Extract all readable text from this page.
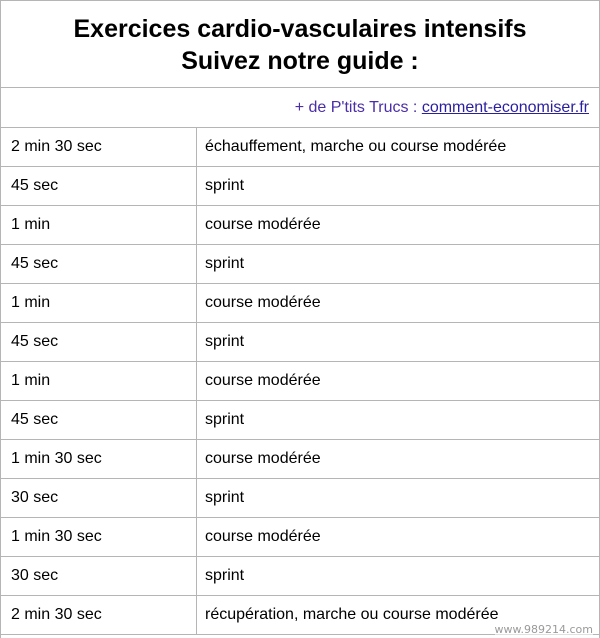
Exercices cardio-vasculaires intensifs
Suivez notre guide :
+ de P'tits Trucs : comment-economiser.fr
2 min 30 sec	échauffement, marche ou course modérée
45 sec	sprint
1 min	course modérée
45 sec	sprint
1 min	course modérée
45 sec	sprint
1 min	course modérée
45 sec	sprint
1 min 30 sec	course modérée
30 sec	sprint
1 min 30 sec	course modérée
30 sec	sprint
2 min 30 sec	récupération, marche ou course modérée
www.989214.com
